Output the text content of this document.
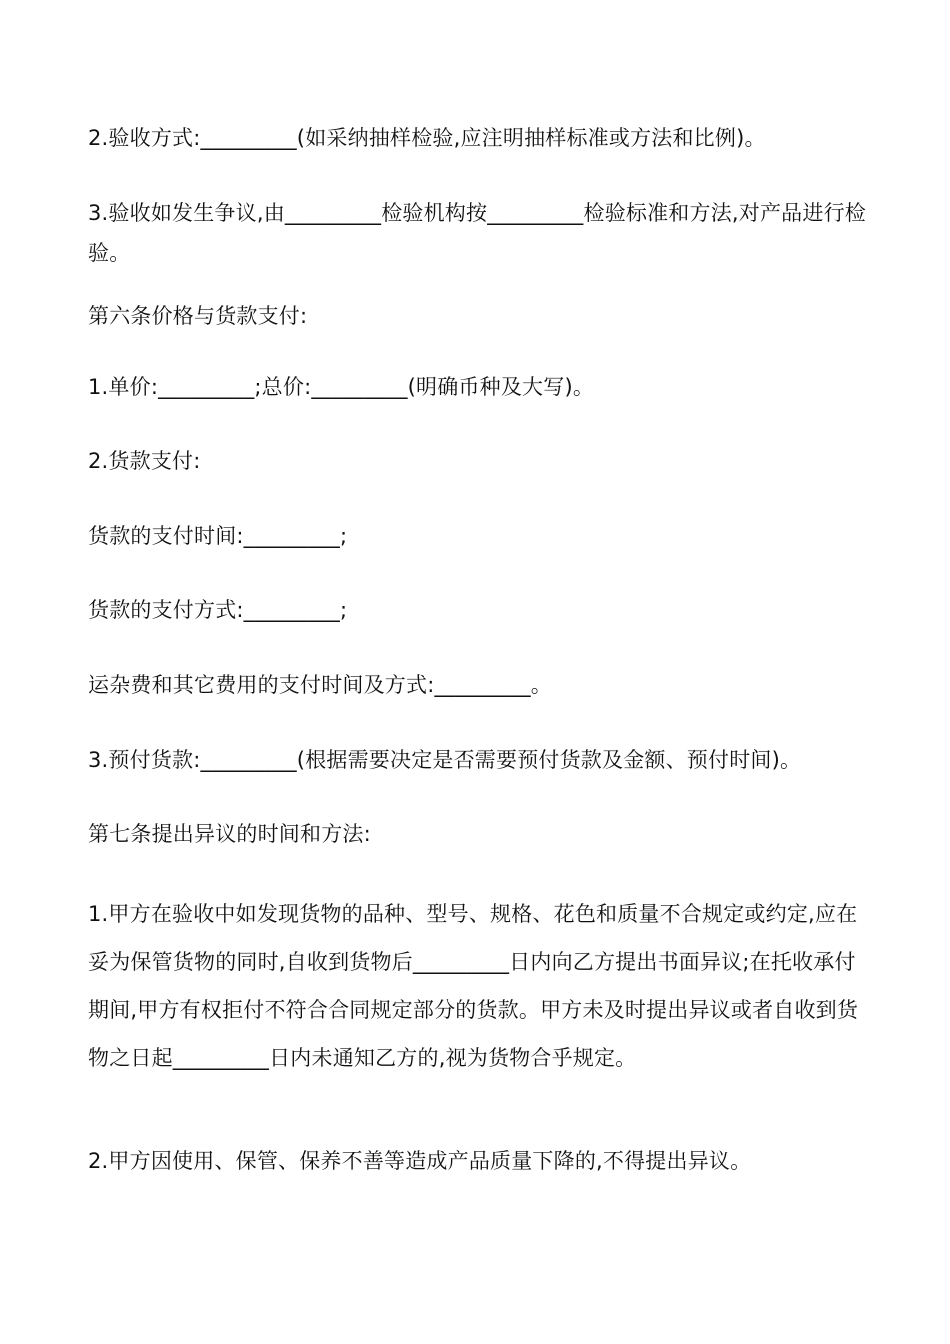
2.验收方式:_________(如采纳抽样检验,应注明抽样标准或方法和比例)。

3.验收如发生争议,由_________检验机构按_________检验标准和方法,对产品进行检验。

第六条价格与货款支付:

1.单价:_________;总价:_________(明确币种及大写)。

2.货款支付:

货款的支付时间:_________;

货款的支付方式:_________;

运杂费和其它费用的支付时间及方式:_________。

3.预付货款:_________(根据需要决定是否需要预付货款及金额、预付时间)。

第七条提出异议的时间和方法:

1.甲方在验收中如发现货物的品种、型号、规格、花色和质量不合规定或约定,应在妥为保管货物的同时,自收到货物后_________日内向乙方提出书面异议;在托收承付期间,甲方有权拒付不符合合同规定部分的货款。甲方未及时提出异议或者自收到货物之日起_________日内未通知乙方的,视为货物合乎规定。

2.甲方因使用、保管、保养不善等造成产品质量下降的,不得提出异议。
